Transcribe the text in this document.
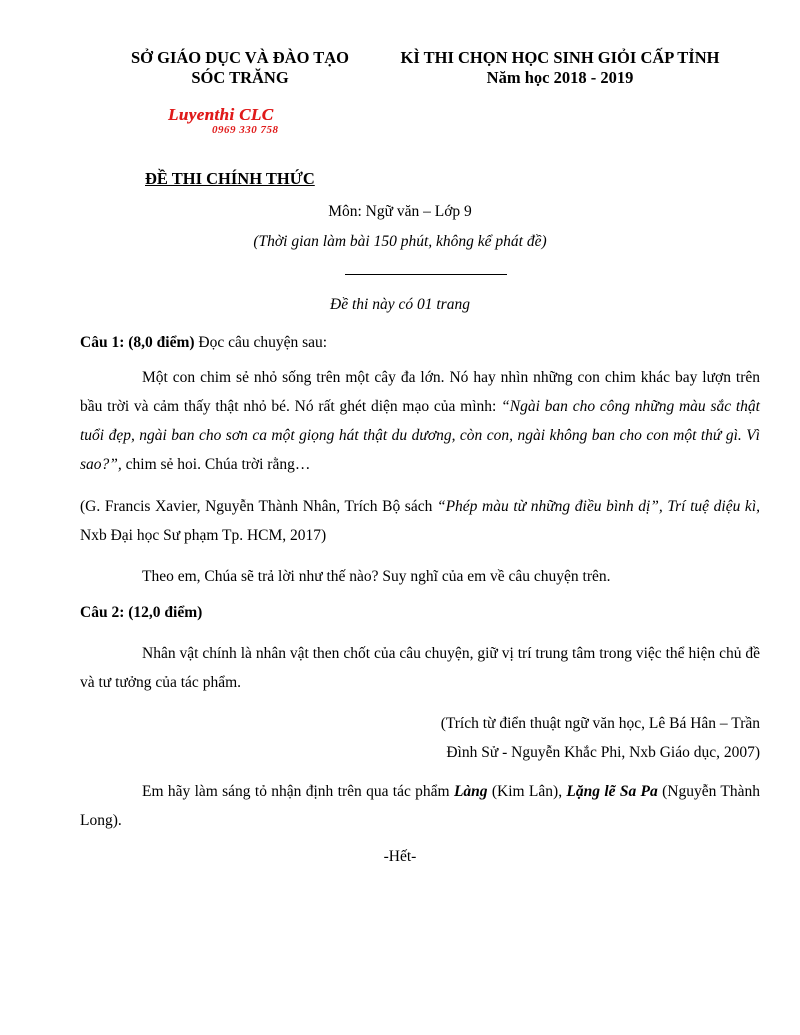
SỞ GIÁO DỤC VÀ ĐÀO TẠO
SÓC TRĂNG
KÌ THI CHỌN HỌC SINH GIỎI CẤP TỈNH
Năm học 2018 - 2019
Luyenthi CLC
0969 330 758
ĐỀ THI CHÍNH THỨC
Môn: Ngữ văn – Lớp 9
(Thời gian làm bài 150 phút, không kể phát đề)
Đề thi này có 01 trang
Câu 1: (8,0 điểm) Đọc câu chuyện sau:
Một con chim sẻ nhỏ sống trên một cây đa lớn. Nó hay nhìn những con chim khác bay lượn trên bầu trời và cảm thấy thật nhỏ bé. Nó rất ghét diện mạo của mình: “Ngài ban cho công những màu sắc thật tuổi đẹp, ngài ban cho sơn ca một giọng hát thật du dương, còn con, ngài không ban cho con một thứ gì. Vì sao?”, chim sẻ hoi. Chúa trời rằng…
(G. Francis Xavier, Nguyễn Thành Nhân, Trích Bộ sách “Phép màu từ những điều bình dị”, Trí tuệ diệu kì, Nxb Đại học Sư phạm Tp. HCM, 2017)
Theo em, Chúa sẽ trả lời như thế nào? Suy nghĩ của em về câu chuyện trên.
Câu 2: (12,0 điểm)
Nhân vật chính là nhân vật then chốt của câu chuyện, giữ vị trí trung tâm trong việc thể hiện chủ đề và tư tưởng của tác phẩm.
(Trích từ điển thuật ngữ văn học, Lê Bá Hân – Trần
Đình Sử - Nguyễn Khắc Phi, Nxb Giáo dục, 2007)
Em hãy làm sáng tỏ nhận định trên qua tác phẩm Làng (Kim Lân), Lặng lẽ Sa Pa (Nguyễn Thành Long).
-Hết-
